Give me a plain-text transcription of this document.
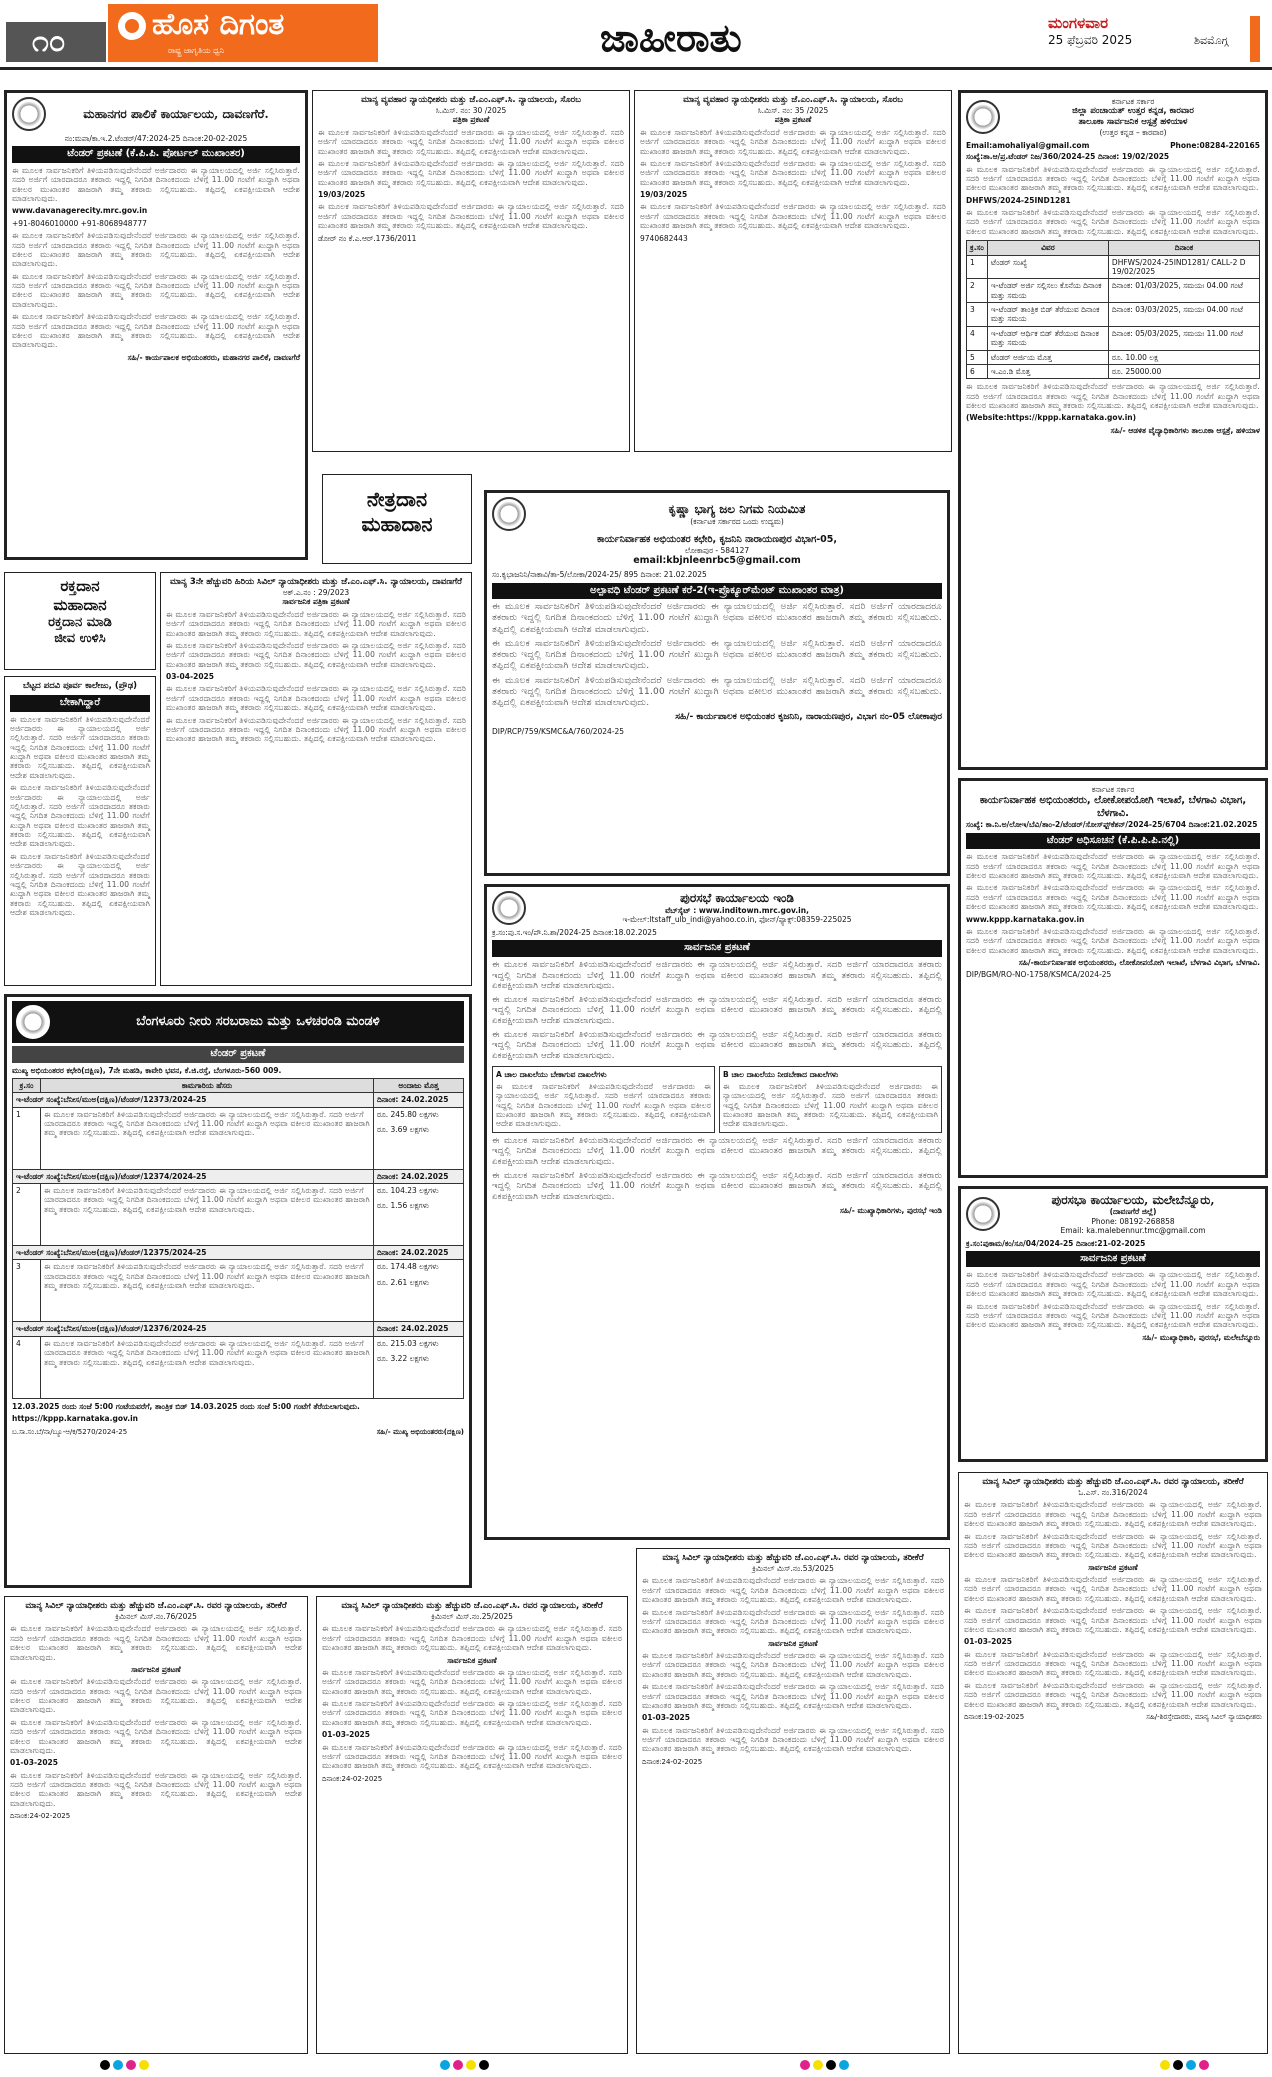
೧೦	ಹೊಸ ದಿಗಂತ
ರಾಷ್ಟ್ರ ಜಾಗೃತಿಯ ಧ್ವನಿ	ಜಾಹೀರಾತು	ಮಂಗಳವಾರ
25 ಫೆಬ್ರವರಿ 2025	ಶಿವಮೊಗ್ಗ
ಮಹಾನಗರ ಪಾಲಿಕೆ ಕಾರ್ಯಾಲಯ, ದಾವಣಗೆರೆ.
ನಂ:ಮಪಾ/ಕಾ.ಇ.2.ಟೆಂಡರ್/47:2024-25 ದಿನಾಂಕ:20-02-2025
ಟೆಂಡರ್ ಪ್ರಕಟಣೆ (ಕೆ.ಪಿ.ಪಿ. ಪೋರ್ಟಲ್ ಮುಖಾಂತರ)

ಈ ಮೂಲಕ ಸಾರ್ವಜನಿಕರಿಗೆ ತಿಳಿಯಪಡಿಸುವುದೇನೆಂದರೆ ಅರ್ಜಿದಾರರು ಈ ನ್ಯಾಯಾಲಯದಲ್ಲಿ ಅರ್ಜಿ ಸಲ್ಲಿಸಿರುತ್ತಾರೆ. ಸದರಿ ಅರ್ಜಿಗೆ ಯಾರದಾದರೂ ತಕರಾರು ಇದ್ದಲ್ಲಿ ನಿಗದಿತ ದಿನಾಂಕದಂದು ಬೆಳಿಗ್ಗೆ 11.00 ಗಂಟೆಗೆ ಖುದ್ದಾಗಿ ಅಥವಾ ವಕೀಲರ ಮುಖಾಂತರ ಹಾಜರಾಗಿ ತಮ್ಮ ತಕರಾರು ಸಲ್ಲಿಸಬಹುದು. ತಪ್ಪಿದಲ್ಲಿ ಏಕಪಕ್ಷೀಯವಾಗಿ ಆದೇಶ ಮಾಡಲಾಗುವುದು.

www.davanagerecity.mrc.gov.in

+91-8046010000 +91-8068948777

ಈ ಮೂಲಕ ಸಾರ್ವಜನಿಕರಿಗೆ ತಿಳಿಯಪಡಿಸುವುದೇನೆಂದರೆ ಅರ್ಜಿದಾರರು ಈ ನ್ಯಾಯಾಲಯದಲ್ಲಿ ಅರ್ಜಿ ಸಲ್ಲಿಸಿರುತ್ತಾರೆ. ಸದರಿ ಅರ್ಜಿಗೆ ಯಾರದಾದರೂ ತಕರಾರು ಇದ್ದಲ್ಲಿ ನಿಗದಿತ ದಿನಾಂಕದಂದು ಬೆಳಿಗ್ಗೆ 11.00 ಗಂಟೆಗೆ ಖುದ್ದಾಗಿ ಅಥವಾ ವಕೀಲರ ಮುಖಾಂತರ ಹಾಜರಾಗಿ ತಮ್ಮ ತಕರಾರು ಸಲ್ಲಿಸಬಹುದು. ತಪ್ಪಿದಲ್ಲಿ ಏಕಪಕ್ಷೀಯವಾಗಿ ಆದೇಶ ಮಾಡಲಾಗುವುದು.

ಈ ಮೂಲಕ ಸಾರ್ವಜನಿಕರಿಗೆ ತಿಳಿಯಪಡಿಸುವುದೇನೆಂದರೆ ಅರ್ಜಿದಾರರು ಈ ನ್ಯಾಯಾಲಯದಲ್ಲಿ ಅರ್ಜಿ ಸಲ್ಲಿಸಿರುತ್ತಾರೆ. ಸದರಿ ಅರ್ಜಿಗೆ ಯಾರದಾದರೂ ತಕರಾರು ಇದ್ದಲ್ಲಿ ನಿಗದಿತ ದಿನಾಂಕದಂದು ಬೆಳಿಗ್ಗೆ 11.00 ಗಂಟೆಗೆ ಖುದ್ದಾಗಿ ಅಥವಾ ವಕೀಲರ ಮುಖಾಂತರ ಹಾಜರಾಗಿ ತಮ್ಮ ತಕರಾರು ಸಲ್ಲಿಸಬಹುದು. ತಪ್ಪಿದಲ್ಲಿ ಏಕಪಕ್ಷೀಯವಾಗಿ ಆದೇಶ ಮಾಡಲಾಗುವುದು.

ಈ ಮೂಲಕ ಸಾರ್ವಜನಿಕರಿಗೆ ತಿಳಿಯಪಡಿಸುವುದೇನೆಂದರೆ ಅರ್ಜಿದಾರರು ಈ ನ್ಯಾಯಾಲಯದಲ್ಲಿ ಅರ್ಜಿ ಸಲ್ಲಿಸಿರುತ್ತಾರೆ. ಸದರಿ ಅರ್ಜಿಗೆ ಯಾರದಾದರೂ ತಕರಾರು ಇದ್ದಲ್ಲಿ ನಿಗದಿತ ದಿನಾಂಕದಂದು ಬೆಳಿಗ್ಗೆ 11.00 ಗಂಟೆಗೆ ಖುದ್ದಾಗಿ ಅಥವಾ ವಕೀಲರ ಮುಖಾಂತರ ಹಾಜರಾಗಿ ತಮ್ಮ ತಕರಾರು ಸಲ್ಲಿಸಬಹುದು. ತಪ್ಪಿದಲ್ಲಿ ಏಕಪಕ್ಷೀಯವಾಗಿ ಆದೇಶ ಮಾಡಲಾಗುವುದು.

ಸಹಿ/- ಕಾರ್ಯಪಾಲಕ ಅಭಿಯಂತರರು, ಮಹಾನಗರ ಪಾಲಿಕೆ, ದಾವಣಗೆರೆ

ರಕ್ತದಾನ
ಮಹಾದಾನ
ರಕ್ತದಾನ ಮಾಡಿ
ಜೀವ ಉಳಿಸಿ
ಬೆಟ್ಟದ ಪದವಿ ಪೂರ್ವ ಕಾಲೇಜು, (ಪ್ರೌಢ)
ಬೇಕಾಗಿದ್ದಾರೆ

ಈ ಮೂಲಕ ಸಾರ್ವಜನಿಕರಿಗೆ ತಿಳಿಯಪಡಿಸುವುದೇನೆಂದರೆ ಅರ್ಜಿದಾರರು ಈ ನ್ಯಾಯಾಲಯದಲ್ಲಿ ಅರ್ಜಿ ಸಲ್ಲಿಸಿರುತ್ತಾರೆ. ಸದರಿ ಅರ್ಜಿಗೆ ಯಾರದಾದರೂ ತಕರಾರು ಇದ್ದಲ್ಲಿ ನಿಗದಿತ ದಿನಾಂಕದಂದು ಬೆಳಿಗ್ಗೆ 11.00 ಗಂಟೆಗೆ ಖುದ್ದಾಗಿ ಅಥವಾ ವಕೀಲರ ಮುಖಾಂತರ ಹಾಜರಾಗಿ ತಮ್ಮ ತಕರಾರು ಸಲ್ಲಿಸಬಹುದು. ತಪ್ಪಿದಲ್ಲಿ ಏಕಪಕ್ಷೀಯವಾಗಿ ಆದೇಶ ಮಾಡಲಾಗುವುದು.

ಈ ಮೂಲಕ ಸಾರ್ವಜನಿಕರಿಗೆ ತಿಳಿಯಪಡಿಸುವುದೇನೆಂದರೆ ಅರ್ಜಿದಾರರು ಈ ನ್ಯಾಯಾಲಯದಲ್ಲಿ ಅರ್ಜಿ ಸಲ್ಲಿಸಿರುತ್ತಾರೆ. ಸದರಿ ಅರ್ಜಿಗೆ ಯಾರದಾದರೂ ತಕರಾರು ಇದ್ದಲ್ಲಿ ನಿಗದಿತ ದಿನಾಂಕದಂದು ಬೆಳಿಗ್ಗೆ 11.00 ಗಂಟೆಗೆ ಖುದ್ದಾಗಿ ಅಥವಾ ವಕೀಲರ ಮುಖಾಂತರ ಹಾಜರಾಗಿ ತಮ್ಮ ತಕರಾರು ಸಲ್ಲಿಸಬಹುದು. ತಪ್ಪಿದಲ್ಲಿ ಏಕಪಕ್ಷೀಯವಾಗಿ ಆದೇಶ ಮಾಡಲಾಗುವುದು.

ಈ ಮೂಲಕ ಸಾರ್ವಜನಿಕರಿಗೆ ತಿಳಿಯಪಡಿಸುವುದೇನೆಂದರೆ ಅರ್ಜಿದಾರರು ಈ ನ್ಯಾಯಾಲಯದಲ್ಲಿ ಅರ್ಜಿ ಸಲ್ಲಿಸಿರುತ್ತಾರೆ. ಸದರಿ ಅರ್ಜಿಗೆ ಯಾರದಾದರೂ ತಕರಾರು ಇದ್ದಲ್ಲಿ ನಿಗದಿತ ದಿನಾಂಕದಂದು ಬೆಳಿಗ್ಗೆ 11.00 ಗಂಟೆಗೆ ಖುದ್ದಾಗಿ ಅಥವಾ ವಕೀಲರ ಮುಖಾಂತರ ಹಾಜರಾಗಿ ತಮ್ಮ ತಕರಾರು ಸಲ್ಲಿಸಬಹುದು. ತಪ್ಪಿದಲ್ಲಿ ಏಕಪಕ್ಷೀಯವಾಗಿ ಆದೇಶ ಮಾಡಲಾಗುವುದು.

ಮಾನ್ಯ 3ನೇ ಹೆಚ್ಚುವರಿ ಹಿರಿಯ ಸಿವಿಲ್ ನ್ಯಾಯಾಧೀಶರು ಮತ್ತು ಜೆ.ಎಂ.ಎಫ್.ಸಿ. ನ್ಯಾಯಾಲಯ, ದಾವಣಗೆರೆ
ಅಕ್.ಎ.ನಂ : 29/2023
ಸಾರ್ವಜನಿಕ ಪತ್ರಿಕಾ ಪ್ರಕಟಣೆ

ಈ ಮೂಲಕ ಸಾರ್ವಜನಿಕರಿಗೆ ತಿಳಿಯಪಡಿಸುವುದೇನೆಂದರೆ ಅರ್ಜಿದಾರರು ಈ ನ್ಯಾಯಾಲಯದಲ್ಲಿ ಅರ್ಜಿ ಸಲ್ಲಿಸಿರುತ್ತಾರೆ. ಸದರಿ ಅರ್ಜಿಗೆ ಯಾರದಾದರೂ ತಕರಾರು ಇದ್ದಲ್ಲಿ ನಿಗದಿತ ದಿನಾಂಕದಂದು ಬೆಳಿಗ್ಗೆ 11.00 ಗಂಟೆಗೆ ಖುದ್ದಾಗಿ ಅಥವಾ ವಕೀಲರ ಮುಖಾಂತರ ಹಾಜರಾಗಿ ತಮ್ಮ ತಕರಾರು ಸಲ್ಲಿಸಬಹುದು. ತಪ್ಪಿದಲ್ಲಿ ಏಕಪಕ್ಷೀಯವಾಗಿ ಆದೇಶ ಮಾಡಲಾಗುವುದು.

ಈ ಮೂಲಕ ಸಾರ್ವಜನಿಕರಿಗೆ ತಿಳಿಯಪಡಿಸುವುದೇನೆಂದರೆ ಅರ್ಜಿದಾರರು ಈ ನ್ಯಾಯಾಲಯದಲ್ಲಿ ಅರ್ಜಿ ಸಲ್ಲಿಸಿರುತ್ತಾರೆ. ಸದರಿ ಅರ್ಜಿಗೆ ಯಾರದಾದರೂ ತಕರಾರು ಇದ್ದಲ್ಲಿ ನಿಗದಿತ ದಿನಾಂಕದಂದು ಬೆಳಿಗ್ಗೆ 11.00 ಗಂಟೆಗೆ ಖುದ್ದಾಗಿ ಅಥವಾ ವಕೀಲರ ಮುಖಾಂತರ ಹಾಜರಾಗಿ ತಮ್ಮ ತಕರಾರು ಸಲ್ಲಿಸಬಹುದು. ತಪ್ಪಿದಲ್ಲಿ ಏಕಪಕ್ಷೀಯವಾಗಿ ಆದೇಶ ಮಾಡಲಾಗುವುದು.

03-04-2025

ಈ ಮೂಲಕ ಸಾರ್ವಜನಿಕರಿಗೆ ತಿಳಿಯಪಡಿಸುವುದೇನೆಂದರೆ ಅರ್ಜಿದಾರರು ಈ ನ್ಯಾಯಾಲಯದಲ್ಲಿ ಅರ್ಜಿ ಸಲ್ಲಿಸಿರುತ್ತಾರೆ. ಸದರಿ ಅರ್ಜಿಗೆ ಯಾರದಾದರೂ ತಕರಾರು ಇದ್ದಲ್ಲಿ ನಿಗದಿತ ದಿನಾಂಕದಂದು ಬೆಳಿಗ್ಗೆ 11.00 ಗಂಟೆಗೆ ಖುದ್ದಾಗಿ ಅಥವಾ ವಕೀಲರ ಮುಖಾಂತರ ಹಾಜರಾಗಿ ತಮ್ಮ ತಕರಾರು ಸಲ್ಲಿಸಬಹುದು. ತಪ್ಪಿದಲ್ಲಿ ಏಕಪಕ್ಷೀಯವಾಗಿ ಆದೇಶ ಮಾಡಲಾಗುವುದು.

ಈ ಮೂಲಕ ಸಾರ್ವಜನಿಕರಿಗೆ ತಿಳಿಯಪಡಿಸುವುದೇನೆಂದರೆ ಅರ್ಜಿದಾರರು ಈ ನ್ಯಾಯಾಲಯದಲ್ಲಿ ಅರ್ಜಿ ಸಲ್ಲಿಸಿರುತ್ತಾರೆ. ಸದರಿ ಅರ್ಜಿಗೆ ಯಾರದಾದರೂ ತಕರಾರು ಇದ್ದಲ್ಲಿ ನಿಗದಿತ ದಿನಾಂಕದಂದು ಬೆಳಿಗ್ಗೆ 11.00 ಗಂಟೆಗೆ ಖುದ್ದಾಗಿ ಅಥವಾ ವಕೀಲರ ಮುಖಾಂತರ ಹಾಜರಾಗಿ ತಮ್ಮ ತಕರಾರು ಸಲ್ಲಿಸಬಹುದು. ತಪ್ಪಿದಲ್ಲಿ ಏಕಪಕ್ಷೀಯವಾಗಿ ಆದೇಶ ಮಾಡಲಾಗುವುದು.

ಮಾನ್ಯ ವ್ಯವಹಾರ ನ್ಯಾಯಧೀಶರು ಮತ್ತು ಜೆ.ಎಂ.ಎಫ್.ಸಿ. ನ್ಯಾಯಾಲಯ, ಸೊರಬ
ಸಿ.ಮಿಸ್. ನಂ: 30 /2025
ಪತ್ರಿಕಾ ಪ್ರಕಟಣೆ

ಈ ಮೂಲಕ ಸಾರ್ವಜನಿಕರಿಗೆ ತಿಳಿಯಪಡಿಸುವುದೇನೆಂದರೆ ಅರ್ಜಿದಾರರು ಈ ನ್ಯಾಯಾಲಯದಲ್ಲಿ ಅರ್ಜಿ ಸಲ್ಲಿಸಿರುತ್ತಾರೆ. ಸದರಿ ಅರ್ಜಿಗೆ ಯಾರದಾದರೂ ತಕರಾರು ಇದ್ದಲ್ಲಿ ನಿಗದಿತ ದಿನಾಂಕದಂದು ಬೆಳಿಗ್ಗೆ 11.00 ಗಂಟೆಗೆ ಖುದ್ದಾಗಿ ಅಥವಾ ವಕೀಲರ ಮುಖಾಂತರ ಹಾಜರಾಗಿ ತಮ್ಮ ತಕರಾರು ಸಲ್ಲಿಸಬಹುದು. ತಪ್ಪಿದಲ್ಲಿ ಏಕಪಕ್ಷೀಯವಾಗಿ ಆದೇಶ ಮಾಡಲಾಗುವುದು.

ಈ ಮೂಲಕ ಸಾರ್ವಜನಿಕರಿಗೆ ತಿಳಿಯಪಡಿಸುವುದೇನೆಂದರೆ ಅರ್ಜಿದಾರರು ಈ ನ್ಯಾಯಾಲಯದಲ್ಲಿ ಅರ್ಜಿ ಸಲ್ಲಿಸಿರುತ್ತಾರೆ. ಸದರಿ ಅರ್ಜಿಗೆ ಯಾರದಾದರೂ ತಕರಾರು ಇದ್ದಲ್ಲಿ ನಿಗದಿತ ದಿನಾಂಕದಂದು ಬೆಳಿಗ್ಗೆ 11.00 ಗಂಟೆಗೆ ಖುದ್ದಾಗಿ ಅಥವಾ ವಕೀಲರ ಮುಖಾಂತರ ಹಾಜರಾಗಿ ತಮ್ಮ ತಕರಾರು ಸಲ್ಲಿಸಬಹುದು. ತಪ್ಪಿದಲ್ಲಿ ಏಕಪಕ್ಷೀಯವಾಗಿ ಆದೇಶ ಮಾಡಲಾಗುವುದು.

19/03/2025

ಈ ಮೂಲಕ ಸಾರ್ವಜನಿಕರಿಗೆ ತಿಳಿಯಪಡಿಸುವುದೇನೆಂದರೆ ಅರ್ಜಿದಾರರು ಈ ನ್ಯಾಯಾಲಯದಲ್ಲಿ ಅರ್ಜಿ ಸಲ್ಲಿಸಿರುತ್ತಾರೆ. ಸದರಿ ಅರ್ಜಿಗೆ ಯಾರದಾದರೂ ತಕರಾರು ಇದ್ದಲ್ಲಿ ನಿಗದಿತ ದಿನಾಂಕದಂದು ಬೆಳಿಗ್ಗೆ 11.00 ಗಂಟೆಗೆ ಖುದ್ದಾಗಿ ಅಥವಾ ವಕೀಲರ ಮುಖಾಂತರ ಹಾಜರಾಗಿ ತಮ್ಮ ತಕರಾರು ಸಲ್ಲಿಸಬಹುದು. ತಪ್ಪಿದಲ್ಲಿ ಏಕಪಕ್ಷೀಯವಾಗಿ ಆದೇಶ ಮಾಡಲಾಗುವುದು.

ಡೋರ್ ನಂ ಕೆ.ಎ.ಆರ್.1736/2011

ಮಾನ್ಯ ವ್ಯವಹಾರ ನ್ಯಾಯಧೀಶರು ಮತ್ತು ಜೆ.ಎಂ.ಎಫ್.ಸಿ. ನ್ಯಾಯಾಲಯ, ಸೊರಬ
ಸಿ.ಮಿಸ್. ನಂ: 35 /2025
ಪತ್ರಿಕಾ ಪ್ರಕಟಣೆ

ಈ ಮೂಲಕ ಸಾರ್ವಜನಿಕರಿಗೆ ತಿಳಿಯಪಡಿಸುವುದೇನೆಂದರೆ ಅರ್ಜಿದಾರರು ಈ ನ್ಯಾಯಾಲಯದಲ್ಲಿ ಅರ್ಜಿ ಸಲ್ಲಿಸಿರುತ್ತಾರೆ. ಸದರಿ ಅರ್ಜಿಗೆ ಯಾರದಾದರೂ ತಕರಾರು ಇದ್ದಲ್ಲಿ ನಿಗದಿತ ದಿನಾಂಕದಂದು ಬೆಳಿಗ್ಗೆ 11.00 ಗಂಟೆಗೆ ಖುದ್ದಾಗಿ ಅಥವಾ ವಕೀಲರ ಮುಖಾಂತರ ಹಾಜರಾಗಿ ತಮ್ಮ ತಕರಾರು ಸಲ್ಲಿಸಬಹುದು. ತಪ್ಪಿದಲ್ಲಿ ಏಕಪಕ್ಷೀಯವಾಗಿ ಆದೇಶ ಮಾಡಲಾಗುವುದು.

ಈ ಮೂಲಕ ಸಾರ್ವಜನಿಕರಿಗೆ ತಿಳಿಯಪಡಿಸುವುದೇನೆಂದರೆ ಅರ್ಜಿದಾರರು ಈ ನ್ಯಾಯಾಲಯದಲ್ಲಿ ಅರ್ಜಿ ಸಲ್ಲಿಸಿರುತ್ತಾರೆ. ಸದರಿ ಅರ್ಜಿಗೆ ಯಾರದಾದರೂ ತಕರಾರು ಇದ್ದಲ್ಲಿ ನಿಗದಿತ ದಿನಾಂಕದಂದು ಬೆಳಿಗ್ಗೆ 11.00 ಗಂಟೆಗೆ ಖುದ್ದಾಗಿ ಅಥವಾ ವಕೀಲರ ಮುಖಾಂತರ ಹಾಜರಾಗಿ ತಮ್ಮ ತಕರಾರು ಸಲ್ಲಿಸಬಹುದು. ತಪ್ಪಿದಲ್ಲಿ ಏಕಪಕ್ಷೀಯವಾಗಿ ಆದೇಶ ಮಾಡಲಾಗುವುದು.

19/03/2025

ಈ ಮೂಲಕ ಸಾರ್ವಜನಿಕರಿಗೆ ತಿಳಿಯಪಡಿಸುವುದೇನೆಂದರೆ ಅರ್ಜಿದಾರರು ಈ ನ್ಯಾಯಾಲಯದಲ್ಲಿ ಅರ್ಜಿ ಸಲ್ಲಿಸಿರುತ್ತಾರೆ. ಸದರಿ ಅರ್ಜಿಗೆ ಯಾರದಾದರೂ ತಕರಾರು ಇದ್ದಲ್ಲಿ ನಿಗದಿತ ದಿನಾಂಕದಂದು ಬೆಳಿಗ್ಗೆ 11.00 ಗಂಟೆಗೆ ಖುದ್ದಾಗಿ ಅಥವಾ ವಕೀಲರ ಮುಖಾಂತರ ಹಾಜರಾಗಿ ತಮ್ಮ ತಕರಾರು ಸಲ್ಲಿಸಬಹುದು. ತಪ್ಪಿದಲ್ಲಿ ಏಕಪಕ್ಷೀಯವಾಗಿ ಆದೇಶ ಮಾಡಲಾಗುವುದು.

9740682443

ನೇತ್ರದಾನ
ಮಹಾದಾನ
ಕೃಷ್ಣಾ ಭಾಗ್ಯ ಜಲ ನಿಗಮ ನಿಯಮಿತ
(ಕರ್ನಾಟಕ ಸರ್ಕಾರದ ಒಂದು ಉದ್ಯಮ)
ಕಾರ್ಯನಿರ್ವಾಹಕ ಅಭಿಯಂತರ ಕಛೇರಿ, ಕೃಜನಿನಿ ನಾರಾಯಣಪುರ ವಿಭಾಗ-05,
ಲೋಕಾಪುರ - 584127
email:kbjnleenrbc5@gmail.com
ಸಂ.ಕೃಭಾಜನಿನಿ/ನಾಕಾವಿ/ತಾ-5/ಲೋಕಾ/2024-25/ 895 ದಿನಾಂಕ: 21.02.2025
ಅಲ್ಪಾವಧಿ ಟೆಂಡರ್ ಪ್ರಕಟಣೆ ಕರೆ-2(ಇ-ಪ್ರೊಕ್ಯೂರ್‌ಮೆಂಟ್ ಮುಖಾಂತರ ಮಾತ್ರ)

ಈ ಮೂಲಕ ಸಾರ್ವಜನಿಕರಿಗೆ ತಿಳಿಯಪಡಿಸುವುದೇನೆಂದರೆ ಅರ್ಜಿದಾರರು ಈ ನ್ಯಾಯಾಲಯದಲ್ಲಿ ಅರ್ಜಿ ಸಲ್ಲಿಸಿರುತ್ತಾರೆ. ಸದರಿ ಅರ್ಜಿಗೆ ಯಾರದಾದರೂ ತಕರಾರು ಇದ್ದಲ್ಲಿ ನಿಗದಿತ ದಿನಾಂಕದಂದು ಬೆಳಿಗ್ಗೆ 11.00 ಗಂಟೆಗೆ ಖುದ್ದಾಗಿ ಅಥವಾ ವಕೀಲರ ಮುಖಾಂತರ ಹಾಜರಾಗಿ ತಮ್ಮ ತಕರಾರು ಸಲ್ಲಿಸಬಹುದು. ತಪ್ಪಿದಲ್ಲಿ ಏಕಪಕ್ಷೀಯವಾಗಿ ಆದೇಶ ಮಾಡಲಾಗುವುದು.

ಈ ಮೂಲಕ ಸಾರ್ವಜನಿಕರಿಗೆ ತಿಳಿಯಪಡಿಸುವುದೇನೆಂದರೆ ಅರ್ಜಿದಾರರು ಈ ನ್ಯಾಯಾಲಯದಲ್ಲಿ ಅರ್ಜಿ ಸಲ್ಲಿಸಿರುತ್ತಾರೆ. ಸದರಿ ಅರ್ಜಿಗೆ ಯಾರದಾದರೂ ತಕರಾರು ಇದ್ದಲ್ಲಿ ನಿಗದಿತ ದಿನಾಂಕದಂದು ಬೆಳಿಗ್ಗೆ 11.00 ಗಂಟೆಗೆ ಖುದ್ದಾಗಿ ಅಥವಾ ವಕೀಲರ ಮುಖಾಂತರ ಹಾಜರಾಗಿ ತಮ್ಮ ತಕರಾರು ಸಲ್ಲಿಸಬಹುದು. ತಪ್ಪಿದಲ್ಲಿ ಏಕಪಕ್ಷೀಯವಾಗಿ ಆದೇಶ ಮಾಡಲಾಗುವುದು.

ಈ ಮೂಲಕ ಸಾರ್ವಜನಿಕರಿಗೆ ತಿಳಿಯಪಡಿಸುವುದೇನೆಂದರೆ ಅರ್ಜಿದಾರರು ಈ ನ್ಯಾಯಾಲಯದಲ್ಲಿ ಅರ್ಜಿ ಸಲ್ಲಿಸಿರುತ್ತಾರೆ. ಸದರಿ ಅರ್ಜಿಗೆ ಯಾರದಾದರೂ ತಕರಾರು ಇದ್ದಲ್ಲಿ ನಿಗದಿತ ದಿನಾಂಕದಂದು ಬೆಳಿಗ್ಗೆ 11.00 ಗಂಟೆಗೆ ಖುದ್ದಾಗಿ ಅಥವಾ ವಕೀಲರ ಮುಖಾಂತರ ಹಾಜರಾಗಿ ತಮ್ಮ ತಕರಾರು ಸಲ್ಲಿಸಬಹುದು. ತಪ್ಪಿದಲ್ಲಿ ಏಕಪಕ್ಷೀಯವಾಗಿ ಆದೇಶ ಮಾಡಲಾಗುವುದು.

ಸಹಿ/- ಕಾರ್ಯಪಾಲಕ ಅಭಿಯಂತರ ಕೃಜನಿನಿ, ನಾರಾಯಣಪುರ, ವಿಭಾಗ ನಂ-05 ಲೋಕಾಪುರ

DIP/RCP/759/KSMC&A/760/2024-25

ಕರ್ನಾಟಕ ಸರ್ಕಾರ
ಜಿಲ್ಲಾ ಪಂಚಾಯತ್ ಉತ್ತರ ಕನ್ನಡ, ಕಾರವಾರ
ತಾಲೂಕಾ ಸಾರ್ವಜನಿಕ ಆಸ್ಪತ್ರೆ ಹಳಿಯಾಳ
(ಉತ್ತರ ಕನ್ನಡ – ಕಾರವಾರ)
Email:amohaliyal@gmail.com	Phone:08284-220165
ಸಂಖ್ಯೆ:ತಾ.ಆ/ಪ್ರ.ಟೆಂಡರ್ ನಿಜ/360/2024-25 ದಿನಾಂಕ: 19/02/2025

ಈ ಮೂಲಕ ಸಾರ್ವಜನಿಕರಿಗೆ ತಿಳಿಯಪಡಿಸುವುದೇನೆಂದರೆ ಅರ್ಜಿದಾರರು ಈ ನ್ಯಾಯಾಲಯದಲ್ಲಿ ಅರ್ಜಿ ಸಲ್ಲಿಸಿರುತ್ತಾರೆ. ಸದರಿ ಅರ್ಜಿಗೆ ಯಾರದಾದರೂ ತಕರಾರು ಇದ್ದಲ್ಲಿ ನಿಗದಿತ ದಿನಾಂಕದಂದು ಬೆಳಿಗ್ಗೆ 11.00 ಗಂಟೆಗೆ ಖುದ್ದಾಗಿ ಅಥವಾ ವಕೀಲರ ಮುಖಾಂತರ ಹಾಜರಾಗಿ ತಮ್ಮ ತಕರಾರು ಸಲ್ಲಿಸಬಹುದು. ತಪ್ಪಿದಲ್ಲಿ ಏಕಪಕ್ಷೀಯವಾಗಿ ಆದೇಶ ಮಾಡಲಾಗುವುದು.

DHFWS/2024-25IND1281

ಈ ಮೂಲಕ ಸಾರ್ವಜನಿಕರಿಗೆ ತಿಳಿಯಪಡಿಸುವುದೇನೆಂದರೆ ಅರ್ಜಿದಾರರು ಈ ನ್ಯಾಯಾಲಯದಲ್ಲಿ ಅರ್ಜಿ ಸಲ್ಲಿಸಿರುತ್ತಾರೆ. ಸದರಿ ಅರ್ಜಿಗೆ ಯಾರದಾದರೂ ತಕರಾರು ಇದ್ದಲ್ಲಿ ನಿಗದಿತ ದಿನಾಂಕದಂದು ಬೆಳಿಗ್ಗೆ 11.00 ಗಂಟೆಗೆ ಖುದ್ದಾಗಿ ಅಥವಾ ವಕೀಲರ ಮುಖಾಂತರ ಹಾಜರಾಗಿ ತಮ್ಮ ತಕರಾರು ಸಲ್ಲಿಸಬಹುದು. ತಪ್ಪಿದಲ್ಲಿ ಏಕಪಕ್ಷೀಯವಾಗಿ ಆದೇಶ ಮಾಡಲಾಗುವುದು.

ಕ್ರ.ಸಂ	ವಿವರ	ದಿನಾಂಕ
1	ಟೆಂಡರ್ ಸಂಖ್ಯೆ	DHFWS/2024-25IND1281/ CALL-2 D 19/02/2025
2	ಇ-ಟೆಂಡರ್ ಅರ್ಜಿ ಸಲ್ಲಿಸಲು ಕೊನೆಯ ದಿನಾಂಕ ಮತ್ತು ಸಮಯ	ದಿನಾಂಕ: 01/03/2025, ಸಮಯಃ 04.00 ಗಂಟೆ
3	ಇ-ಟೆಂಡರ್ ತಾಂತ್ರಿಕ ಬಿಡ್ ತೆರೆಯುವ ದಿನಾಂಕ ಮತ್ತು ಸಮಯ	ದಿನಾಂಕ: 03/03/2025, ಸಮಯಃ 04.00 ಗಂಟೆ
4	ಇ-ಟೆಂಡರ್ ಆರ್ಥಿಕ ಬಿಡ್ ತೆರೆಯುವ ದಿನಾಂಕ ಮತ್ತು ಸಮಯ	ದಿನಾಂಕ: 05/03/2025, ಸಮಯಃ 11.00 ಗಂಟೆ
5	ಟೆಂಡರ್ ಅರ್ಜಿಯ ಮೊತ್ತ	ರೂ. 10.00 ಲಕ್ಷ
6	ಇ.ಎಂ.ಡಿ ಮೊತ್ತ	ರೂ. 25000.00

ಈ ಮೂಲಕ ಸಾರ್ವಜನಿಕರಿಗೆ ತಿಳಿಯಪಡಿಸುವುದೇನೆಂದರೆ ಅರ್ಜಿದಾರರು ಈ ನ್ಯಾಯಾಲಯದಲ್ಲಿ ಅರ್ಜಿ ಸಲ್ಲಿಸಿರುತ್ತಾರೆ. ಸದರಿ ಅರ್ಜಿಗೆ ಯಾರದಾದರೂ ತಕರಾರು ಇದ್ದಲ್ಲಿ ನಿಗದಿತ ದಿನಾಂಕದಂದು ಬೆಳಿಗ್ಗೆ 11.00 ಗಂಟೆಗೆ ಖುದ್ದಾಗಿ ಅಥವಾ ವಕೀಲರ ಮುಖಾಂತರ ಹಾಜರಾಗಿ ತಮ್ಮ ತಕರಾರು ಸಲ್ಲಿಸಬಹುದು. ತಪ್ಪಿದಲ್ಲಿ ಏಕಪಕ್ಷೀಯವಾಗಿ ಆದೇಶ ಮಾಡಲಾಗುವುದು.

(Website:https://kppp.karnataka.gov.in)

ಸಹಿ/- ಆಡಳಿತ ವೈದ್ಯಾಧಿಕಾರಿಗಳು ತಾಲೂಕಾ ಆಸ್ಪತ್ರೆ, ಹಳಿಯಾಳ

ಕರ್ನಾಟಕ ಸರ್ಕಾರ
ಕಾರ್ಯನಿರ್ವಾಹಕ ಅಭಿಯಂತರರು, ಲೋಕೋಪಯೋಗಿ ಇಲಾಖೆ, ಬೆಳಗಾವಿ ವಿಭಾಗ, ಬೆಳಗಾವಿ.
ಸಂಖ್ಯೆ: ಕಾ.ನಿ.ಅ/ಲೋಇ/ಬೆವಿ/ತಾಂ-2/ಟೆಂಡರ್/ಸೋಸ್‌ಫ್ಟ್‌ಕೆಶನ್/2024-25/6704 ದಿನಾಂಕ:21.02.2025
ಟೆಂಡರ್ ಅಧಿಸೂಚನೆ (ಕೆ.ಪಿ.ಪಿ.ಪಿ.ನಲ್ಲಿ)

ಈ ಮೂಲಕ ಸಾರ್ವಜನಿಕರಿಗೆ ತಿಳಿಯಪಡಿಸುವುದೇನೆಂದರೆ ಅರ್ಜಿದಾರರು ಈ ನ್ಯಾಯಾಲಯದಲ್ಲಿ ಅರ್ಜಿ ಸಲ್ಲಿಸಿರುತ್ತಾರೆ. ಸದರಿ ಅರ್ಜಿಗೆ ಯಾರದಾದರೂ ತಕರಾರು ಇದ್ದಲ್ಲಿ ನಿಗದಿತ ದಿನಾಂಕದಂದು ಬೆಳಿಗ್ಗೆ 11.00 ಗಂಟೆಗೆ ಖುದ್ದಾಗಿ ಅಥವಾ ವಕೀಲರ ಮುಖಾಂತರ ಹಾಜರಾಗಿ ತಮ್ಮ ತಕರಾರು ಸಲ್ಲಿಸಬಹುದು. ತಪ್ಪಿದಲ್ಲಿ ಏಕಪಕ್ಷೀಯವಾಗಿ ಆದೇಶ ಮಾಡಲಾಗುವುದು.

ಈ ಮೂಲಕ ಸಾರ್ವಜನಿಕರಿಗೆ ತಿಳಿಯಪಡಿಸುವುದೇನೆಂದರೆ ಅರ್ಜಿದಾರರು ಈ ನ್ಯಾಯಾಲಯದಲ್ಲಿ ಅರ್ಜಿ ಸಲ್ಲಿಸಿರುತ್ತಾರೆ. ಸದರಿ ಅರ್ಜಿಗೆ ಯಾರದಾದರೂ ತಕರಾರು ಇದ್ದಲ್ಲಿ ನಿಗದಿತ ದಿನಾಂಕದಂದು ಬೆಳಿಗ್ಗೆ 11.00 ಗಂಟೆಗೆ ಖುದ್ದಾಗಿ ಅಥವಾ ವಕೀಲರ ಮುಖಾಂತರ ಹಾಜರಾಗಿ ತಮ್ಮ ತಕರಾರು ಸಲ್ಲಿಸಬಹುದು. ತಪ್ಪಿದಲ್ಲಿ ಏಕಪಕ್ಷೀಯವಾಗಿ ಆದೇಶ ಮಾಡಲಾಗುವುದು.

www.kppp.karnataka.gov.in

ಈ ಮೂಲಕ ಸಾರ್ವಜನಿಕರಿಗೆ ತಿಳಿಯಪಡಿಸುವುದೇನೆಂದರೆ ಅರ್ಜಿದಾರರು ಈ ನ್ಯಾಯಾಲಯದಲ್ಲಿ ಅರ್ಜಿ ಸಲ್ಲಿಸಿರುತ್ತಾರೆ. ಸದರಿ ಅರ್ಜಿಗೆ ಯಾರದಾದರೂ ತಕರಾರು ಇದ್ದಲ್ಲಿ ನಿಗದಿತ ದಿನಾಂಕದಂದು ಬೆಳಿಗ್ಗೆ 11.00 ಗಂಟೆಗೆ ಖುದ್ದಾಗಿ ಅಥವಾ ವಕೀಲರ ಮುಖಾಂತರ ಹಾಜರಾಗಿ ತಮ್ಮ ತಕರಾರು ಸಲ್ಲಿಸಬಹುದು. ತಪ್ಪಿದಲ್ಲಿ ಏಕಪಕ್ಷೀಯವಾಗಿ ಆದೇಶ ಮಾಡಲಾಗುವುದು.

ಸಹಿ/-ಕಾರ್ಯನಿರ್ವಾಹಕ ಅಭಿಯಂತರರು, ಲೋಕೋಪಯೋಗಿ ಇಲಾಖೆ, ಬೆಳಗಾವಿ ವಿಭಾಗ, ಬೆಳಗಾವಿ.

DIP/BGM/RO-NO-1758/KSMCA/2024-25

ಪುರಸಭಾ ಕಾರ್ಯಾಲಯ, ಮಲೇಬೆನ್ನೂರು,
(ದಾವಣಗೆರೆ ಜಿಲ್ಲೆ)
Phone: 08192-268858
Email: ka.malebennur.tmc@gmail.com
ಕ್ರ.ಸಂ:ಪುಕಾಮ/ಕಂ/ಸೂ/04/2024-25 ದಿನಾಂಕ:21-02-2025
ಸಾರ್ವಜನಿಕ ಪ್ರಕಟಣೆ

ಈ ಮೂಲಕ ಸಾರ್ವಜನಿಕರಿಗೆ ತಿಳಿಯಪಡಿಸುವುದೇನೆಂದರೆ ಅರ್ಜಿದಾರರು ಈ ನ್ಯಾಯಾಲಯದಲ್ಲಿ ಅರ್ಜಿ ಸಲ್ಲಿಸಿರುತ್ತಾರೆ. ಸದರಿ ಅರ್ಜಿಗೆ ಯಾರದಾದರೂ ತಕರಾರು ಇದ್ದಲ್ಲಿ ನಿಗದಿತ ದಿನಾಂಕದಂದು ಬೆಳಿಗ್ಗೆ 11.00 ಗಂಟೆಗೆ ಖುದ್ದಾಗಿ ಅಥವಾ ವಕೀಲರ ಮುಖಾಂತರ ಹಾಜರಾಗಿ ತಮ್ಮ ತಕರಾರು ಸಲ್ಲಿಸಬಹುದು. ತಪ್ಪಿದಲ್ಲಿ ಏಕಪಕ್ಷೀಯವಾಗಿ ಆದೇಶ ಮಾಡಲಾಗುವುದು.

ಈ ಮೂಲಕ ಸಾರ್ವಜನಿಕರಿಗೆ ತಿಳಿಯಪಡಿಸುವುದೇನೆಂದರೆ ಅರ್ಜಿದಾರರು ಈ ನ್ಯಾಯಾಲಯದಲ್ಲಿ ಅರ್ಜಿ ಸಲ್ಲಿಸಿರುತ್ತಾರೆ. ಸದರಿ ಅರ್ಜಿಗೆ ಯಾರದಾದರೂ ತಕರಾರು ಇದ್ದಲ್ಲಿ ನಿಗದಿತ ದಿನಾಂಕದಂದು ಬೆಳಿಗ್ಗೆ 11.00 ಗಂಟೆಗೆ ಖುದ್ದಾಗಿ ಅಥವಾ ವಕೀಲರ ಮುಖಾಂತರ ಹಾಜರಾಗಿ ತಮ್ಮ ತಕರಾರು ಸಲ್ಲಿಸಬಹುದು. ತಪ್ಪಿದಲ್ಲಿ ಏಕಪಕ್ಷೀಯವಾಗಿ ಆದೇಶ ಮಾಡಲಾಗುವುದು.

ಸಹಿ/- ಮುಖ್ಯಾಧಿಕಾರಿ, ಪುರಸಭೆ, ಮಲೇಬೆನ್ನೂರು

ಮಾನ್ಯ ಸಿವಿಲ್ ನ್ಯಾಯಾಧೀಶರು ಮತ್ತು ಹೆಚ್ಚುವರಿ ಜೆ.ಎಂ.ಎಫ್.ಸಿ. ರವರ ನ್ಯಾಯಾಲಯ, ತರೀಕೆರೆ
ಓ.ಎಸ್. ನಂ.316/2024

ಈ ಮೂಲಕ ಸಾರ್ವಜನಿಕರಿಗೆ ತಿಳಿಯಪಡಿಸುವುದೇನೆಂದರೆ ಅರ್ಜಿದಾರರು ಈ ನ್ಯಾಯಾಲಯದಲ್ಲಿ ಅರ್ಜಿ ಸಲ್ಲಿಸಿರುತ್ತಾರೆ. ಸದರಿ ಅರ್ಜಿಗೆ ಯಾರದಾದರೂ ತಕರಾರು ಇದ್ದಲ್ಲಿ ನಿಗದಿತ ದಿನಾಂಕದಂದು ಬೆಳಿಗ್ಗೆ 11.00 ಗಂಟೆಗೆ ಖುದ್ದಾಗಿ ಅಥವಾ ವಕೀಲರ ಮುಖಾಂತರ ಹಾಜರಾಗಿ ತಮ್ಮ ತಕರಾರು ಸಲ್ಲಿಸಬಹುದು. ತಪ್ಪಿದಲ್ಲಿ ಏಕಪಕ್ಷೀಯವಾಗಿ ಆದೇಶ ಮಾಡಲಾಗುವುದು.

ಈ ಮೂಲಕ ಸಾರ್ವಜನಿಕರಿಗೆ ತಿಳಿಯಪಡಿಸುವುದೇನೆಂದರೆ ಅರ್ಜಿದಾರರು ಈ ನ್ಯಾಯಾಲಯದಲ್ಲಿ ಅರ್ಜಿ ಸಲ್ಲಿಸಿರುತ್ತಾರೆ. ಸದರಿ ಅರ್ಜಿಗೆ ಯಾರದಾದರೂ ತಕರಾರು ಇದ್ದಲ್ಲಿ ನಿಗದಿತ ದಿನಾಂಕದಂದು ಬೆಳಿಗ್ಗೆ 11.00 ಗಂಟೆಗೆ ಖುದ್ದಾಗಿ ಅಥವಾ ವಕೀಲರ ಮುಖಾಂತರ ಹಾಜರಾಗಿ ತಮ್ಮ ತಕರಾರು ಸಲ್ಲಿಸಬಹುದು. ತಪ್ಪಿದಲ್ಲಿ ಏಕಪಕ್ಷೀಯವಾಗಿ ಆದೇಶ ಮಾಡಲಾಗುವುದು.

ಸಾರ್ವಜನಿಕ ಪ್ರಕಟಣೆ

ಈ ಮೂಲಕ ಸಾರ್ವಜನಿಕರಿಗೆ ತಿಳಿಯಪಡಿಸುವುದೇನೆಂದರೆ ಅರ್ಜಿದಾರರು ಈ ನ್ಯಾಯಾಲಯದಲ್ಲಿ ಅರ್ಜಿ ಸಲ್ಲಿಸಿರುತ್ತಾರೆ. ಸದರಿ ಅರ್ಜಿಗೆ ಯಾರದಾದರೂ ತಕರಾರು ಇದ್ದಲ್ಲಿ ನಿಗದಿತ ದಿನಾಂಕದಂದು ಬೆಳಿಗ್ಗೆ 11.00 ಗಂಟೆಗೆ ಖುದ್ದಾಗಿ ಅಥವಾ ವಕೀಲರ ಮುಖಾಂತರ ಹಾಜರಾಗಿ ತಮ್ಮ ತಕರಾರು ಸಲ್ಲಿಸಬಹುದು. ತಪ್ಪಿದಲ್ಲಿ ಏಕಪಕ್ಷೀಯವಾಗಿ ಆದೇಶ ಮಾಡಲಾಗುವುದು.

ಈ ಮೂಲಕ ಸಾರ್ವಜನಿಕರಿಗೆ ತಿಳಿಯಪಡಿಸುವುದೇನೆಂದರೆ ಅರ್ಜಿದಾರರು ಈ ನ್ಯಾಯಾಲಯದಲ್ಲಿ ಅರ್ಜಿ ಸಲ್ಲಿಸಿರುತ್ತಾರೆ. ಸದರಿ ಅರ್ಜಿಗೆ ಯಾರದಾದರೂ ತಕರಾರು ಇದ್ದಲ್ಲಿ ನಿಗದಿತ ದಿನಾಂಕದಂದು ಬೆಳಿಗ್ಗೆ 11.00 ಗಂಟೆಗೆ ಖುದ್ದಾಗಿ ಅಥವಾ ವಕೀಲರ ಮುಖಾಂತರ ಹಾಜರಾಗಿ ತಮ್ಮ ತಕರಾರು ಸಲ್ಲಿಸಬಹುದು. ತಪ್ಪಿದಲ್ಲಿ ಏಕಪಕ್ಷೀಯವಾಗಿ ಆದೇಶ ಮಾಡಲಾಗುವುದು.

01-03-2025

ಈ ಮೂಲಕ ಸಾರ್ವಜನಿಕರಿಗೆ ತಿಳಿಯಪಡಿಸುವುದೇನೆಂದರೆ ಅರ್ಜಿದಾರರು ಈ ನ್ಯಾಯಾಲಯದಲ್ಲಿ ಅರ್ಜಿ ಸಲ್ಲಿಸಿರುತ್ತಾರೆ. ಸದರಿ ಅರ್ಜಿಗೆ ಯಾರದಾದರೂ ತಕರಾರು ಇದ್ದಲ್ಲಿ ನಿಗದಿತ ದಿನಾಂಕದಂದು ಬೆಳಿಗ್ಗೆ 11.00 ಗಂಟೆಗೆ ಖುದ್ದಾಗಿ ಅಥವಾ ವಕೀಲರ ಮುಖಾಂತರ ಹಾಜರಾಗಿ ತಮ್ಮ ತಕರಾರು ಸಲ್ಲಿಸಬಹುದು. ತಪ್ಪಿದಲ್ಲಿ ಏಕಪಕ್ಷೀಯವಾಗಿ ಆದೇಶ ಮಾಡಲಾಗುವುದು.

ಈ ಮೂಲಕ ಸಾರ್ವಜನಿಕರಿಗೆ ತಿಳಿಯಪಡಿಸುವುದೇನೆಂದರೆ ಅರ್ಜಿದಾರರು ಈ ನ್ಯಾಯಾಲಯದಲ್ಲಿ ಅರ್ಜಿ ಸಲ್ಲಿಸಿರುತ್ತಾರೆ. ಸದರಿ ಅರ್ಜಿಗೆ ಯಾರದಾದರೂ ತಕರಾರು ಇದ್ದಲ್ಲಿ ನಿಗದಿತ ದಿನಾಂಕದಂದು ಬೆಳಿಗ್ಗೆ 11.00 ಗಂಟೆಗೆ ಖುದ್ದಾಗಿ ಅಥವಾ ವಕೀಲರ ಮುಖಾಂತರ ಹಾಜರಾಗಿ ತಮ್ಮ ತಕರಾರು ಸಲ್ಲಿಸಬಹುದು. ತಪ್ಪಿದಲ್ಲಿ ಏಕಪಕ್ಷೀಯವಾಗಿ ಆದೇಶ ಮಾಡಲಾಗುವುದು.

ದಿನಾಂಕ:19-02-2025	ಸಹಿ/-ಶಿರಸ್ತೇದಾರರು, ಮಾನ್ಯ ಸಿವಿಲ್ ನ್ಯಾಯಾಧೀಶರು
ಬೆಂಗಳೂರು ನೀರು ಸರಬರಾಜು ಮತ್ತು ಒಳಚರಂಡಿ ಮಂಡಳಿ
ಟೆಂಡರ್ ಪ್ರಕಟಣೆ
ಮುಖ್ಯ ಅಭಿಯಂತರರ ಕಛೇರಿ(ದಕ್ಷಿಣ), 7ನೇ ಮಹಡಿ, ಕಾವೇರಿ ಭವನ, ಕೆ.ಜಿ.ರಸ್ತೆ, ಬೆಂಗಳೂರು-560 009.
ಕ್ರ.ಸಂ	ಕಾಮಗಾರಿಯ ಹೆಸರು	ಅಂದಾಜು ಮೊತ್ತ
ಇ-ಟೆಂಡರ್ ಸಂಖ್ಯೆ:ಬೆನೀಸ/ಮುಅ(ದಕ್ಷಿಣ)/ಟೆಂಡರ್/12373/2024-25		ದಿನಾಂಕ: 24.02.2025
1	ಈ ಮೂಲಕ ಸಾರ್ವಜನಿಕರಿಗೆ ತಿಳಿಯಪಡಿಸುವುದೇನೆಂದರೆ ಅರ್ಜಿದಾರರು ಈ ನ್ಯಾಯಾಲಯದಲ್ಲಿ ಅರ್ಜಿ ಸಲ್ಲಿಸಿರುತ್ತಾರೆ. ಸದರಿ ಅರ್ಜಿಗೆ ಯಾರದಾದರೂ ತಕರಾರು ಇದ್ದಲ್ಲಿ ನಿಗದಿತ ದಿನಾಂಕದಂದು ಬೆಳಿಗ್ಗೆ 11.00 ಗಂಟೆಗೆ ಖುದ್ದಾಗಿ ಅಥವಾ ವಕೀಲರ ಮುಖಾಂತರ ಹಾಜರಾಗಿ ತಮ್ಮ ತಕರಾರು ಸಲ್ಲಿಸಬಹುದು. ತಪ್ಪಿದಲ್ಲಿ ಏಕಪಕ್ಷೀಯವಾಗಿ ಆದೇಶ ಮಾಡಲಾಗುವುದು.	ರೂ. 245.80 ಲಕ್ಷಗಳು
ರೂ. 3.69 ಲಕ್ಷಗಳು

ಇ-ಟೆಂಡರ್ ಸಂಖ್ಯೆ:ಬೆನೀಸ/ಮುಅ(ದಕ್ಷಿಣ)/ಟೆಂಡರ್/12374/2024-25		ದಿನಾಂಕ: 24.02.2025
2	ಈ ಮೂಲಕ ಸಾರ್ವಜನಿಕರಿಗೆ ತಿಳಿಯಪಡಿಸುವುದೇನೆಂದರೆ ಅರ್ಜಿದಾರರು ಈ ನ್ಯಾಯಾಲಯದಲ್ಲಿ ಅರ್ಜಿ ಸಲ್ಲಿಸಿರುತ್ತಾರೆ. ಸದರಿ ಅರ್ಜಿಗೆ ಯಾರದಾದರೂ ತಕರಾರು ಇದ್ದಲ್ಲಿ ನಿಗದಿತ ದಿನಾಂಕದಂದು ಬೆಳಿಗ್ಗೆ 11.00 ಗಂಟೆಗೆ ಖುದ್ದಾಗಿ ಅಥವಾ ವಕೀಲರ ಮುಖಾಂತರ ಹಾಜರಾಗಿ ತಮ್ಮ ತಕರಾರು ಸಲ್ಲಿಸಬಹುದು. ತಪ್ಪಿದಲ್ಲಿ ಏಕಪಕ್ಷೀಯವಾಗಿ ಆದೇಶ ಮಾಡಲಾಗುವುದು.	ರೂ. 104.23 ಲಕ್ಷಗಳು
ರೂ. 1.56 ಲಕ್ಷಗಳು

ಇ-ಟೆಂಡರ್ ಸಂಖ್ಯೆ:ಬೆನೀಸ/ಮುಅ(ದಕ್ಷಿಣ)/ಟೆಂಡರ್/12375/2024-25		ದಿನಾಂಕ: 24.02.2025
3	ಈ ಮೂಲಕ ಸಾರ್ವಜನಿಕರಿಗೆ ತಿಳಿಯಪಡಿಸುವುದೇನೆಂದರೆ ಅರ್ಜಿದಾರರು ಈ ನ್ಯಾಯಾಲಯದಲ್ಲಿ ಅರ್ಜಿ ಸಲ್ಲಿಸಿರುತ್ತಾರೆ. ಸದರಿ ಅರ್ಜಿಗೆ ಯಾರದಾದರೂ ತಕರಾರು ಇದ್ದಲ್ಲಿ ನಿಗದಿತ ದಿನಾಂಕದಂದು ಬೆಳಿಗ್ಗೆ 11.00 ಗಂಟೆಗೆ ಖುದ್ದಾಗಿ ಅಥವಾ ವಕೀಲರ ಮುಖಾಂತರ ಹಾಜರಾಗಿ ತಮ್ಮ ತಕರಾರು ಸಲ್ಲಿಸಬಹುದು. ತಪ್ಪಿದಲ್ಲಿ ಏಕಪಕ್ಷೀಯವಾಗಿ ಆದೇಶ ಮಾಡಲಾಗುವುದು.	ರೂ. 174.48 ಲಕ್ಷಗಳು
ರೂ. 2.61 ಲಕ್ಷಗಳು

ಇ-ಟೆಂಡರ್ ಸಂಖ್ಯೆ:ಬೆನೀಸ/ಮುಅ(ದಕ್ಷಿಣ)/ಟೆಂಡರ್/12376/2024-25		ದಿನಾಂಕ: 24.02.2025
4	ಈ ಮೂಲಕ ಸಾರ್ವಜನಿಕರಿಗೆ ತಿಳಿಯಪಡಿಸುವುದೇನೆಂದರೆ ಅರ್ಜಿದಾರರು ಈ ನ್ಯಾಯಾಲಯದಲ್ಲಿ ಅರ್ಜಿ ಸಲ್ಲಿಸಿರುತ್ತಾರೆ. ಸದರಿ ಅರ್ಜಿಗೆ ಯಾರದಾದರೂ ತಕರಾರು ಇದ್ದಲ್ಲಿ ನಿಗದಿತ ದಿನಾಂಕದಂದು ಬೆಳಿಗ್ಗೆ 11.00 ಗಂಟೆಗೆ ಖುದ್ದಾಗಿ ಅಥವಾ ವಕೀಲರ ಮುಖಾಂತರ ಹಾಜರಾಗಿ ತಮ್ಮ ತಕರಾರು ಸಲ್ಲಿಸಬಹುದು. ತಪ್ಪಿದಲ್ಲಿ ಏಕಪಕ್ಷೀಯವಾಗಿ ಆದೇಶ ಮಾಡಲಾಗುವುದು.	ರೂ. 215.03 ಲಕ್ಷಗಳು
ರೂ. 3.22 ಲಕ್ಷಗಳು

12.03.2025 ರಂದು ಸಂಜೆ 5:00 ಗಂಟೆಯವರೆಗೆ, ತಾಂತ್ರಿಕ ಬಿಡ್ 14.03.2025 ರಂದು ಸಂಜೆ 5:00 ಗಂಟೆಗೆ ತೆರೆಯಲಾಗುವುದು.

https://kppp.karnataka.gov.in

ಬ.ಸಾ.ಸಂ.ಬೆ/ನಾ/ಬ್ಯೂ-ಆ/ಕ/5270/2024-25	ಸಹಿ/- ಮುಖ್ಯ ಅಭಿಯಂತರರು(ದಕ್ಷಿಣ)
ಪುರಸಭೆ ಕಾರ್ಯಾಲಯ ಇಂಡಿ
ವೆಬ್‌ಸೈಟ್ : www.inditown.mrc.gov.in,
ಇ-ಮೇಲ್:ltstaff_ulb_indi@yahoo.co.in, ಫೋನ್/ಫ್ಯಾಕ್ಸ್:08359-225025
ಕ್ರ.ಸಂ:ಪು.ಸ.ಇಂ/ಪೌ.ನಿ.ಶಾ/2024-25 ದಿನಾಂಕ:18.02.2025
ಸಾರ್ವಜನಿಕ ಪ್ರಕಟಣೆ

ಈ ಮೂಲಕ ಸಾರ್ವಜನಿಕರಿಗೆ ತಿಳಿಯಪಡಿಸುವುದೇನೆಂದರೆ ಅರ್ಜಿದಾರರು ಈ ನ್ಯಾಯಾಲಯದಲ್ಲಿ ಅರ್ಜಿ ಸಲ್ಲಿಸಿರುತ್ತಾರೆ. ಸದರಿ ಅರ್ಜಿಗೆ ಯಾರದಾದರೂ ತಕರಾರು ಇದ್ದಲ್ಲಿ ನಿಗದಿತ ದಿನಾಂಕದಂದು ಬೆಳಿಗ್ಗೆ 11.00 ಗಂಟೆಗೆ ಖುದ್ದಾಗಿ ಅಥವಾ ವಕೀಲರ ಮುಖಾಂತರ ಹಾಜರಾಗಿ ತಮ್ಮ ತಕರಾರು ಸಲ್ಲಿಸಬಹುದು. ತಪ್ಪಿದಲ್ಲಿ ಏಕಪಕ್ಷೀಯವಾಗಿ ಆದೇಶ ಮಾಡಲಾಗುವುದು.

ಈ ಮೂಲಕ ಸಾರ್ವಜನಿಕರಿಗೆ ತಿಳಿಯಪಡಿಸುವುದೇನೆಂದರೆ ಅರ್ಜಿದಾರರು ಈ ನ್ಯಾಯಾಲಯದಲ್ಲಿ ಅರ್ಜಿ ಸಲ್ಲಿಸಿರುತ್ತಾರೆ. ಸದರಿ ಅರ್ಜಿಗೆ ಯಾರದಾದರೂ ತಕರಾರು ಇದ್ದಲ್ಲಿ ನಿಗದಿತ ದಿನಾಂಕದಂದು ಬೆಳಿಗ್ಗೆ 11.00 ಗಂಟೆಗೆ ಖುದ್ದಾಗಿ ಅಥವಾ ವಕೀಲರ ಮುಖಾಂತರ ಹಾಜರಾಗಿ ತಮ್ಮ ತಕರಾರು ಸಲ್ಲಿಸಬಹುದು. ತಪ್ಪಿದಲ್ಲಿ ಏಕಪಕ್ಷೀಯವಾಗಿ ಆದೇಶ ಮಾಡಲಾಗುವುದು.

ಈ ಮೂಲಕ ಸಾರ್ವಜನಿಕರಿಗೆ ತಿಳಿಯಪಡಿಸುವುದೇನೆಂದರೆ ಅರ್ಜಿದಾರರು ಈ ನ್ಯಾಯಾಲಯದಲ್ಲಿ ಅರ್ಜಿ ಸಲ್ಲಿಸಿರುತ್ತಾರೆ. ಸದರಿ ಅರ್ಜಿಗೆ ಯಾರದಾದರೂ ತಕರಾರು ಇದ್ದಲ್ಲಿ ನಿಗದಿತ ದಿನಾಂಕದಂದು ಬೆಳಿಗ್ಗೆ 11.00 ಗಂಟೆಗೆ ಖುದ್ದಾಗಿ ಅಥವಾ ವಕೀಲರ ಮುಖಾಂತರ ಹಾಜರಾಗಿ ತಮ್ಮ ತಕರಾರು ಸಲ್ಲಿಸಬಹುದು. ತಪ್ಪಿದಲ್ಲಿ ಏಕಪಕ್ಷೀಯವಾಗಿ ಆದೇಶ ಮಾಡಲಾಗುವುದು.

A ಚಾಲ ದಾಖಲೆಯು ಬೇಕಾಗುವ ದಾಖಲೆಗಳು

ಈ ಮೂಲಕ ಸಾರ್ವಜನಿಕರಿಗೆ ತಿಳಿಯಪಡಿಸುವುದೇನೆಂದರೆ ಅರ್ಜಿದಾರರು ಈ ನ್ಯಾಯಾಲಯದಲ್ಲಿ ಅರ್ಜಿ ಸಲ್ಲಿಸಿರುತ್ತಾರೆ. ಸದರಿ ಅರ್ಜಿಗೆ ಯಾರದಾದರೂ ತಕರಾರು ಇದ್ದಲ್ಲಿ ನಿಗದಿತ ದಿನಾಂಕದಂದು ಬೆಳಿಗ್ಗೆ 11.00 ಗಂಟೆಗೆ ಖುದ್ದಾಗಿ ಅಥವಾ ವಕೀಲರ ಮುಖಾಂತರ ಹಾಜರಾಗಿ ತಮ್ಮ ತಕರಾರು ಸಲ್ಲಿಸಬಹುದು. ತಪ್ಪಿದಲ್ಲಿ ಏಕಪಕ್ಷೀಯವಾಗಿ ಆದೇಶ ಮಾಡಲಾಗುವುದು.

B ಚಾಲ ದಾಖಲೆಯು ನೀಡಬೇಕಾದ ದಾಖಲೆಗಳು

ಈ ಮೂಲಕ ಸಾರ್ವಜನಿಕರಿಗೆ ತಿಳಿಯಪಡಿಸುವುದೇನೆಂದರೆ ಅರ್ಜಿದಾರರು ಈ ನ್ಯಾಯಾಲಯದಲ್ಲಿ ಅರ್ಜಿ ಸಲ್ಲಿಸಿರುತ್ತಾರೆ. ಸದರಿ ಅರ್ಜಿಗೆ ಯಾರದಾದರೂ ತಕರಾರು ಇದ್ದಲ್ಲಿ ನಿಗದಿತ ದಿನಾಂಕದಂದು ಬೆಳಿಗ್ಗೆ 11.00 ಗಂಟೆಗೆ ಖುದ್ದಾಗಿ ಅಥವಾ ವಕೀಲರ ಮುಖಾಂತರ ಹಾಜರಾಗಿ ತಮ್ಮ ತಕರಾರು ಸಲ್ಲಿಸಬಹುದು. ತಪ್ಪಿದಲ್ಲಿ ಏಕಪಕ್ಷೀಯವಾಗಿ ಆದೇಶ ಮಾಡಲಾಗುವುದು.

ಈ ಮೂಲಕ ಸಾರ್ವಜನಿಕರಿಗೆ ತಿಳಿಯಪಡಿಸುವುದೇನೆಂದರೆ ಅರ್ಜಿದಾರರು ಈ ನ್ಯಾಯಾಲಯದಲ್ಲಿ ಅರ್ಜಿ ಸಲ್ಲಿಸಿರುತ್ತಾರೆ. ಸದರಿ ಅರ್ಜಿಗೆ ಯಾರದಾದರೂ ತಕರಾರು ಇದ್ದಲ್ಲಿ ನಿಗದಿತ ದಿನಾಂಕದಂದು ಬೆಳಿಗ್ಗೆ 11.00 ಗಂಟೆಗೆ ಖುದ್ದಾಗಿ ಅಥವಾ ವಕೀಲರ ಮುಖಾಂತರ ಹಾಜರಾಗಿ ತಮ್ಮ ತಕರಾರು ಸಲ್ಲಿಸಬಹುದು. ತಪ್ಪಿದಲ್ಲಿ ಏಕಪಕ್ಷೀಯವಾಗಿ ಆದೇಶ ಮಾಡಲಾಗುವುದು.

ಈ ಮೂಲಕ ಸಾರ್ವಜನಿಕರಿಗೆ ತಿಳಿಯಪಡಿಸುವುದೇನೆಂದರೆ ಅರ್ಜಿದಾರರು ಈ ನ್ಯಾಯಾಲಯದಲ್ಲಿ ಅರ್ಜಿ ಸಲ್ಲಿಸಿರುತ್ತಾರೆ. ಸದರಿ ಅರ್ಜಿಗೆ ಯಾರದಾದರೂ ತಕರಾರು ಇದ್ದಲ್ಲಿ ನಿಗದಿತ ದಿನಾಂಕದಂದು ಬೆಳಿಗ್ಗೆ 11.00 ಗಂಟೆಗೆ ಖುದ್ದಾಗಿ ಅಥವಾ ವಕೀಲರ ಮುಖಾಂತರ ಹಾಜರಾಗಿ ತಮ್ಮ ತಕರಾರು ಸಲ್ಲಿಸಬಹುದು. ತಪ್ಪಿದಲ್ಲಿ ಏಕಪಕ್ಷೀಯವಾಗಿ ಆದೇಶ ಮಾಡಲಾಗುವುದು.

ಸಹಿ/- ಮುಖ್ಯಾಧಿಕಾರಿಗಳು, ಪುರಸಭೆ ಇಂಡಿ

ಮಾನ್ಯ ಸಿವಿಲ್ ನ್ಯಾಯಾಧೀಶರು ಮತ್ತು ಹೆಚ್ಚುವರಿ ಜೆ.ಎಂ.ಎಫ್.ಸಿ. ರವರ ನ್ಯಾಯಾಲಯ, ತರೀಕೆರೆ
ಕ್ರಿಮಿನಲ್ ಮಿಸ್.ನಂ.76/2025

ಈ ಮೂಲಕ ಸಾರ್ವಜನಿಕರಿಗೆ ತಿಳಿಯಪಡಿಸುವುದೇನೆಂದರೆ ಅರ್ಜಿದಾರರು ಈ ನ್ಯಾಯಾಲಯದಲ್ಲಿ ಅರ್ಜಿ ಸಲ್ಲಿಸಿರುತ್ತಾರೆ. ಸದರಿ ಅರ್ಜಿಗೆ ಯಾರದಾದರೂ ತಕರಾರು ಇದ್ದಲ್ಲಿ ನಿಗದಿತ ದಿನಾಂಕದಂದು ಬೆಳಿಗ್ಗೆ 11.00 ಗಂಟೆಗೆ ಖುದ್ದಾಗಿ ಅಥವಾ ವಕೀಲರ ಮುಖಾಂತರ ಹಾಜರಾಗಿ ತಮ್ಮ ತಕರಾರು ಸಲ್ಲಿಸಬಹುದು. ತಪ್ಪಿದಲ್ಲಿ ಏಕಪಕ್ಷೀಯವಾಗಿ ಆದೇಶ ಮಾಡಲಾಗುವುದು.

ಸಾರ್ವಜನಿಕ ಪ್ರಕಟಣೆ

ಈ ಮೂಲಕ ಸಾರ್ವಜನಿಕರಿಗೆ ತಿಳಿಯಪಡಿಸುವುದೇನೆಂದರೆ ಅರ್ಜಿದಾರರು ಈ ನ್ಯಾಯಾಲಯದಲ್ಲಿ ಅರ್ಜಿ ಸಲ್ಲಿಸಿರುತ್ತಾರೆ. ಸದರಿ ಅರ್ಜಿಗೆ ಯಾರದಾದರೂ ತಕರಾರು ಇದ್ದಲ್ಲಿ ನಿಗದಿತ ದಿನಾಂಕದಂದು ಬೆಳಿಗ್ಗೆ 11.00 ಗಂಟೆಗೆ ಖುದ್ದಾಗಿ ಅಥವಾ ವಕೀಲರ ಮುಖಾಂತರ ಹಾಜರಾಗಿ ತಮ್ಮ ತಕರಾರು ಸಲ್ಲಿಸಬಹುದು. ತಪ್ಪಿದಲ್ಲಿ ಏಕಪಕ್ಷೀಯವಾಗಿ ಆದೇಶ ಮಾಡಲಾಗುವುದು.

ಈ ಮೂಲಕ ಸಾರ್ವಜನಿಕರಿಗೆ ತಿಳಿಯಪಡಿಸುವುದೇನೆಂದರೆ ಅರ್ಜಿದಾರರು ಈ ನ್ಯಾಯಾಲಯದಲ್ಲಿ ಅರ್ಜಿ ಸಲ್ಲಿಸಿರುತ್ತಾರೆ. ಸದರಿ ಅರ್ಜಿಗೆ ಯಾರದಾದರೂ ತಕರಾರು ಇದ್ದಲ್ಲಿ ನಿಗದಿತ ದಿನಾಂಕದಂದು ಬೆಳಿಗ್ಗೆ 11.00 ಗಂಟೆಗೆ ಖುದ್ದಾಗಿ ಅಥವಾ ವಕೀಲರ ಮುಖಾಂತರ ಹಾಜರಾಗಿ ತಮ್ಮ ತಕರಾರು ಸಲ್ಲಿಸಬಹುದು. ತಪ್ಪಿದಲ್ಲಿ ಏಕಪಕ್ಷೀಯವಾಗಿ ಆದೇಶ ಮಾಡಲಾಗುವುದು.

01-03-2025

ಈ ಮೂಲಕ ಸಾರ್ವಜನಿಕರಿಗೆ ತಿಳಿಯಪಡಿಸುವುದೇನೆಂದರೆ ಅರ್ಜಿದಾರರು ಈ ನ್ಯಾಯಾಲಯದಲ್ಲಿ ಅರ್ಜಿ ಸಲ್ಲಿಸಿರುತ್ತಾರೆ. ಸದರಿ ಅರ್ಜಿಗೆ ಯಾರದಾದರೂ ತಕರಾರು ಇದ್ದಲ್ಲಿ ನಿಗದಿತ ದಿನಾಂಕದಂದು ಬೆಳಿಗ್ಗೆ 11.00 ಗಂಟೆಗೆ ಖುದ್ದಾಗಿ ಅಥವಾ ವಕೀಲರ ಮುಖಾಂತರ ಹಾಜರಾಗಿ ತಮ್ಮ ತಕರಾರು ಸಲ್ಲಿಸಬಹುದು. ತಪ್ಪಿದಲ್ಲಿ ಏಕಪಕ್ಷೀಯವಾಗಿ ಆದೇಶ ಮಾಡಲಾಗುವುದು.

ದಿನಾಂಕ:24-02-2025
ಮಾನ್ಯ ಸಿವಿಲ್ ನ್ಯಾಯಾಧೀಶರು ಮತ್ತು ಹೆಚ್ಚುವರಿ ಜೆ.ಎಂ.ಎಫ್.ಸಿ. ರವರ ನ್ಯಾಯಾಲಯ, ತರೀಕೆರೆ
ಕ್ರಿಮಿನಲ್ ಮಿಸ್.ನಂ.25/2025

ಈ ಮೂಲಕ ಸಾರ್ವಜನಿಕರಿಗೆ ತಿಳಿಯಪಡಿಸುವುದೇನೆಂದರೆ ಅರ್ಜಿದಾರರು ಈ ನ್ಯಾಯಾಲಯದಲ್ಲಿ ಅರ್ಜಿ ಸಲ್ಲಿಸಿರುತ್ತಾರೆ. ಸದರಿ ಅರ್ಜಿಗೆ ಯಾರದಾದರೂ ತಕರಾರು ಇದ್ದಲ್ಲಿ ನಿಗದಿತ ದಿನಾಂಕದಂದು ಬೆಳಿಗ್ಗೆ 11.00 ಗಂಟೆಗೆ ಖುದ್ದಾಗಿ ಅಥವಾ ವಕೀಲರ ಮುಖಾಂತರ ಹಾಜರಾಗಿ ತಮ್ಮ ತಕರಾರು ಸಲ್ಲಿಸಬಹುದು. ತಪ್ಪಿದಲ್ಲಿ ಏಕಪಕ್ಷೀಯವಾಗಿ ಆದೇಶ ಮಾಡಲಾಗುವುದು.

ಸಾರ್ವಜನಿಕ ಪ್ರಕಟಣೆ

ಈ ಮೂಲಕ ಸಾರ್ವಜನಿಕರಿಗೆ ತಿಳಿಯಪಡಿಸುವುದೇನೆಂದರೆ ಅರ್ಜಿದಾರರು ಈ ನ್ಯಾಯಾಲಯದಲ್ಲಿ ಅರ್ಜಿ ಸಲ್ಲಿಸಿರುತ್ತಾರೆ. ಸದರಿ ಅರ್ಜಿಗೆ ಯಾರದಾದರೂ ತಕರಾರು ಇದ್ದಲ್ಲಿ ನಿಗದಿತ ದಿನಾಂಕದಂದು ಬೆಳಿಗ್ಗೆ 11.00 ಗಂಟೆಗೆ ಖುದ್ದಾಗಿ ಅಥವಾ ವಕೀಲರ ಮುಖಾಂತರ ಹಾಜರಾಗಿ ತಮ್ಮ ತಕರಾರು ಸಲ್ಲಿಸಬಹುದು. ತಪ್ಪಿದಲ್ಲಿ ಏಕಪಕ್ಷೀಯವಾಗಿ ಆದೇಶ ಮಾಡಲಾಗುವುದು.

ಈ ಮೂಲಕ ಸಾರ್ವಜನಿಕರಿಗೆ ತಿಳಿಯಪಡಿಸುವುದೇನೆಂದರೆ ಅರ್ಜಿದಾರರು ಈ ನ್ಯಾಯಾಲಯದಲ್ಲಿ ಅರ್ಜಿ ಸಲ್ಲಿಸಿರುತ್ತಾರೆ. ಸದರಿ ಅರ್ಜಿಗೆ ಯಾರದಾದರೂ ತಕರಾರು ಇದ್ದಲ್ಲಿ ನಿಗದಿತ ದಿನಾಂಕದಂದು ಬೆಳಿಗ್ಗೆ 11.00 ಗಂಟೆಗೆ ಖುದ್ದಾಗಿ ಅಥವಾ ವಕೀಲರ ಮುಖಾಂತರ ಹಾಜರಾಗಿ ತಮ್ಮ ತಕರಾರು ಸಲ್ಲಿಸಬಹುದು. ತಪ್ಪಿದಲ್ಲಿ ಏಕಪಕ್ಷೀಯವಾಗಿ ಆದೇಶ ಮಾಡಲಾಗುವುದು.

01-03-2025

ಈ ಮೂಲಕ ಸಾರ್ವಜನಿಕರಿಗೆ ತಿಳಿಯಪಡಿಸುವುದೇನೆಂದರೆ ಅರ್ಜಿದಾರರು ಈ ನ್ಯಾಯಾಲಯದಲ್ಲಿ ಅರ್ಜಿ ಸಲ್ಲಿಸಿರುತ್ತಾರೆ. ಸದರಿ ಅರ್ಜಿಗೆ ಯಾರದಾದರೂ ತಕರಾರು ಇದ್ದಲ್ಲಿ ನಿಗದಿತ ದಿನಾಂಕದಂದು ಬೆಳಿಗ್ಗೆ 11.00 ಗಂಟೆಗೆ ಖುದ್ದಾಗಿ ಅಥವಾ ವಕೀಲರ ಮುಖಾಂತರ ಹಾಜರಾಗಿ ತಮ್ಮ ತಕರಾರು ಸಲ್ಲಿಸಬಹುದು. ತಪ್ಪಿದಲ್ಲಿ ಏಕಪಕ್ಷೀಯವಾಗಿ ಆದೇಶ ಮಾಡಲಾಗುವುದು.

ದಿನಾಂಕ:24-02-2025
ಮಾನ್ಯ ಸಿವಿಲ್ ನ್ಯಾಯಾಧೀಶರು ಮತ್ತು ಹೆಚ್ಚುವರಿ ಜೆ.ಎಂ.ಎಫ್.ಸಿ. ರವರ ನ್ಯಾಯಾಲಯ, ತರೀಕೆರೆ
ಕ್ರಿಮಿನಲ್ ಮಿಸ್.ನಂ.53/2025

ಈ ಮೂಲಕ ಸಾರ್ವಜನಿಕರಿಗೆ ತಿಳಿಯಪಡಿಸುವುದೇನೆಂದರೆ ಅರ್ಜಿದಾರರು ಈ ನ್ಯಾಯಾಲಯದಲ್ಲಿ ಅರ್ಜಿ ಸಲ್ಲಿಸಿರುತ್ತಾರೆ. ಸದರಿ ಅರ್ಜಿಗೆ ಯಾರದಾದರೂ ತಕರಾರು ಇದ್ದಲ್ಲಿ ನಿಗದಿತ ದಿನಾಂಕದಂದು ಬೆಳಿಗ್ಗೆ 11.00 ಗಂಟೆಗೆ ಖುದ್ದಾಗಿ ಅಥವಾ ವಕೀಲರ ಮುಖಾಂತರ ಹಾಜರಾಗಿ ತಮ್ಮ ತಕರಾರು ಸಲ್ಲಿಸಬಹುದು. ತಪ್ಪಿದಲ್ಲಿ ಏಕಪಕ್ಷೀಯವಾಗಿ ಆದೇಶ ಮಾಡಲಾಗುವುದು.

ಈ ಮೂಲಕ ಸಾರ್ವಜನಿಕರಿಗೆ ತಿಳಿಯಪಡಿಸುವುದೇನೆಂದರೆ ಅರ್ಜಿದಾರರು ಈ ನ್ಯಾಯಾಲಯದಲ್ಲಿ ಅರ್ಜಿ ಸಲ್ಲಿಸಿರುತ್ತಾರೆ. ಸದರಿ ಅರ್ಜಿಗೆ ಯಾರದಾದರೂ ತಕರಾರು ಇದ್ದಲ್ಲಿ ನಿಗದಿತ ದಿನಾಂಕದಂದು ಬೆಳಿಗ್ಗೆ 11.00 ಗಂಟೆಗೆ ಖುದ್ದಾಗಿ ಅಥವಾ ವಕೀಲರ ಮುಖಾಂತರ ಹಾಜರಾಗಿ ತಮ್ಮ ತಕರಾರು ಸಲ್ಲಿಸಬಹುದು. ತಪ್ಪಿದಲ್ಲಿ ಏಕಪಕ್ಷೀಯವಾಗಿ ಆದೇಶ ಮಾಡಲಾಗುವುದು.

ಸಾರ್ವಜನಿಕ ಪ್ರಕಟಣೆ

ಈ ಮೂಲಕ ಸಾರ್ವಜನಿಕರಿಗೆ ತಿಳಿಯಪಡಿಸುವುದೇನೆಂದರೆ ಅರ್ಜಿದಾರರು ಈ ನ್ಯಾಯಾಲಯದಲ್ಲಿ ಅರ್ಜಿ ಸಲ್ಲಿಸಿರುತ್ತಾರೆ. ಸದರಿ ಅರ್ಜಿಗೆ ಯಾರದಾದರೂ ತಕರಾರು ಇದ್ದಲ್ಲಿ ನಿಗದಿತ ದಿನಾಂಕದಂದು ಬೆಳಿಗ್ಗೆ 11.00 ಗಂಟೆಗೆ ಖುದ್ದಾಗಿ ಅಥವಾ ವಕೀಲರ ಮುಖಾಂತರ ಹಾಜರಾಗಿ ತಮ್ಮ ತಕರಾರು ಸಲ್ಲಿಸಬಹುದು. ತಪ್ಪಿದಲ್ಲಿ ಏಕಪಕ್ಷೀಯವಾಗಿ ಆದೇಶ ಮಾಡಲಾಗುವುದು.

ಈ ಮೂಲಕ ಸಾರ್ವಜನಿಕರಿಗೆ ತಿಳಿಯಪಡಿಸುವುದೇನೆಂದರೆ ಅರ್ಜಿದಾರರು ಈ ನ್ಯಾಯಾಲಯದಲ್ಲಿ ಅರ್ಜಿ ಸಲ್ಲಿಸಿರುತ್ತಾರೆ. ಸದರಿ ಅರ್ಜಿಗೆ ಯಾರದಾದರೂ ತಕರಾರು ಇದ್ದಲ್ಲಿ ನಿಗದಿತ ದಿನಾಂಕದಂದು ಬೆಳಿಗ್ಗೆ 11.00 ಗಂಟೆಗೆ ಖುದ್ದಾಗಿ ಅಥವಾ ವಕೀಲರ ಮುಖಾಂತರ ಹಾಜರಾಗಿ ತಮ್ಮ ತಕರಾರು ಸಲ್ಲಿಸಬಹುದು. ತಪ್ಪಿದಲ್ಲಿ ಏಕಪಕ್ಷೀಯವಾಗಿ ಆದೇಶ ಮಾಡಲಾಗುವುದು.

01-03-2025

ಈ ಮೂಲಕ ಸಾರ್ವಜನಿಕರಿಗೆ ತಿಳಿಯಪಡಿಸುವುದೇನೆಂದರೆ ಅರ್ಜಿದಾರರು ಈ ನ್ಯಾಯಾಲಯದಲ್ಲಿ ಅರ್ಜಿ ಸಲ್ಲಿಸಿರುತ್ತಾರೆ. ಸದರಿ ಅರ್ಜಿಗೆ ಯಾರದಾದರೂ ತಕರಾರು ಇದ್ದಲ್ಲಿ ನಿಗದಿತ ದಿನಾಂಕದಂದು ಬೆಳಿಗ್ಗೆ 11.00 ಗಂಟೆಗೆ ಖುದ್ದಾಗಿ ಅಥವಾ ವಕೀಲರ ಮುಖಾಂತರ ಹಾಜರಾಗಿ ತಮ್ಮ ತಕರಾರು ಸಲ್ಲಿಸಬಹುದು. ತಪ್ಪಿದಲ್ಲಿ ಏಕಪಕ್ಷೀಯವಾಗಿ ಆದೇಶ ಮಾಡಲಾಗುವುದು.

ದಿನಾಂಕ:24-02-2025
